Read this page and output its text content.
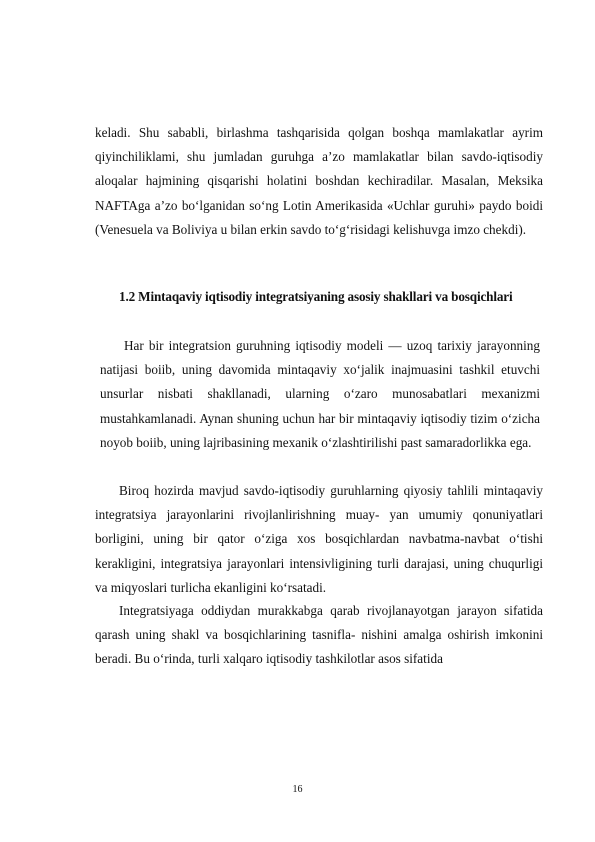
keladi. Shu sababli, birlashma tashqarisida qolgan boshqa mamlakatlar ayrim qiyinchiliklami, shu jumladan guruhga a’zo mamlakatlar bilan savdo-iqtisodiy aloqalar hajmining qisqarishi holatini boshdan kechiradilar. Masalan, Meksika NAFTAga a’zo bo‘lganidan so‘ng Lotin Amerikasida «Uchlar guruhi» paydo boidi (Venesuela va Boliviya u bilan erkin savdo to‘g‘risidagi kelishuvga imzo chekdi).

1.2 Mintaqaviy iqtisodiy integratsiyaning asosiy shakllari va bosqichlari

Har bir integratsion guruhning iqtisodiy modeli — uzoq tarixiy jarayonning natijasi boiib, uning davomida mintaqaviy xo‘jalik inajmuasini tashkil etuvchi unsurlar nisbati shakllanadi, ularning o‘zaro munosabatlari mexanizmi mustahkamlanadi. Aynan shuning uchun har bir mintaqaviy iqtisodiy tizim o‘zicha noyob boiib, uning lajribasining mexanik o‘zlashtirilishi past samaradorlikka ega.

Biroq hozirda mavjud savdo-iqtisodiy guruhlarning qiyosiy tahlili mintaqaviy integratsiya jarayonlarini rivojlanlirishning muay- yan umumiy qonuniyatlari borligini, uning bir qator o‘ziga xos bosqichlardan navbatma-navbat o‘tishi kerakligini, integratsiya jarayonlari intensivligining turli darajasi, uning chuqurligi va miqyoslari turlicha ekanligini ko‘rsatadi.

Integratsiyaga oddiydan murakkabga qarab rivojlanayotgan jarayon sifatida qarash uning shakl va bosqichlarining tasnifla- nishini amalga oshirish imkonini beradi. Bu o‘rinda, turli xalqaro iqtisodiy tashkilotlar asos sifatida

16
